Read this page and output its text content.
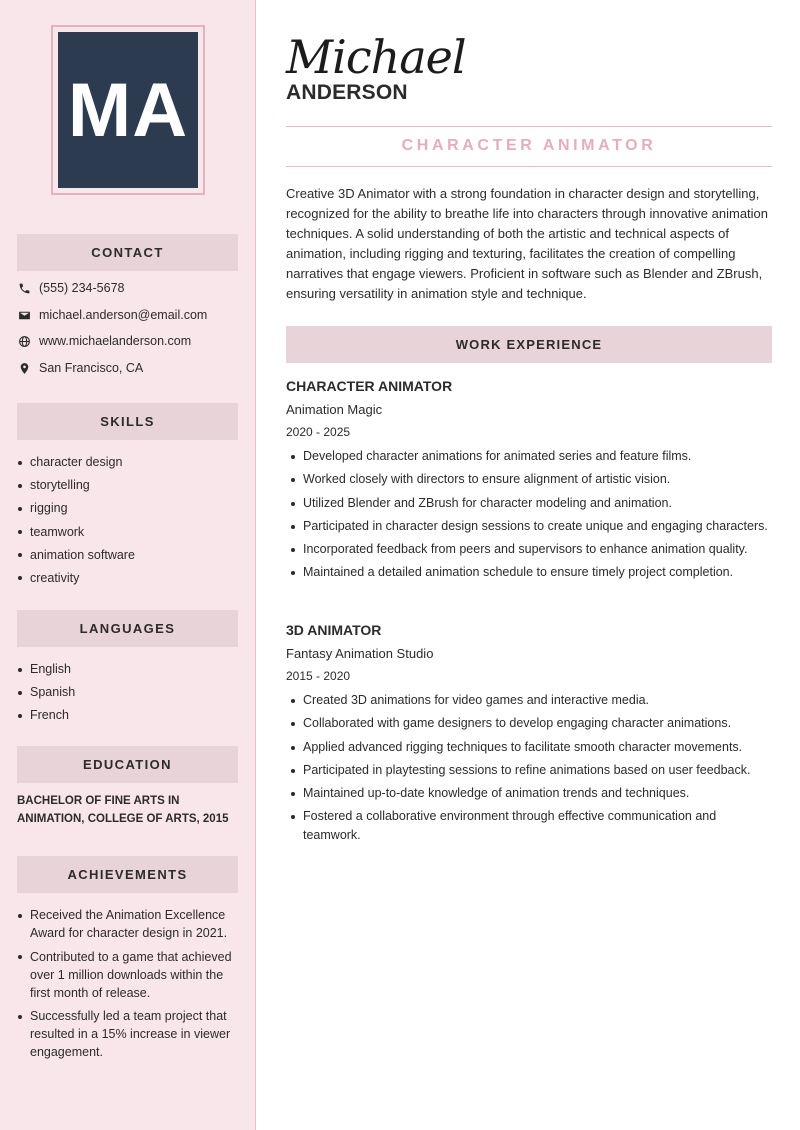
MA
CONTACT
(555) 234-5678
michael.anderson@email.com
www.michaelanderson.com
San Francisco, CA
SKILLS
character design
storytelling
rigging
teamwork
animation software
creativity
LANGUAGES
English
Spanish
French
EDUCATION
BACHELOR OF FINE ARTS IN ANIMATION, COLLEGE OF ARTS, 2015
ACHIEVEMENTS
Received the Animation Excellence Award for character design in 2021.
Contributed to a game that achieved over 1 million downloads within the first month of release.
Successfully led a team project that resulted in a 15% increase in viewer engagement.
Michael
ANDERSON
CHARACTER ANIMATOR
Creative 3D Animator with a strong foundation in character design and storytelling, recognized for the ability to breathe life into characters through innovative animation techniques. A solid understanding of both the artistic and technical aspects of animation, including rigging and texturing, facilitates the creation of compelling narratives that engage viewers. Proficient in software such as Blender and ZBrush, ensuring versatility in animation style and technique.
WORK EXPERIENCE
CHARACTER ANIMATOR
Animation Magic
2020 - 2025
Developed character animations for animated series and feature films.
Worked closely with directors to ensure alignment of artistic vision.
Utilized Blender and ZBrush for character modeling and animation.
Participated in character design sessions to create unique and engaging characters.
Incorporated feedback from peers and supervisors to enhance animation quality.
Maintained a detailed animation schedule to ensure timely project completion.
3D ANIMATOR
Fantasy Animation Studio
2015 - 2020
Created 3D animations for video games and interactive media.
Collaborated with game designers to develop engaging character animations.
Applied advanced rigging techniques to facilitate smooth character movements.
Participated in playtesting sessions to refine animations based on user feedback.
Maintained up-to-date knowledge of animation trends and techniques.
Fostered a collaborative environment through effective communication and teamwork.
